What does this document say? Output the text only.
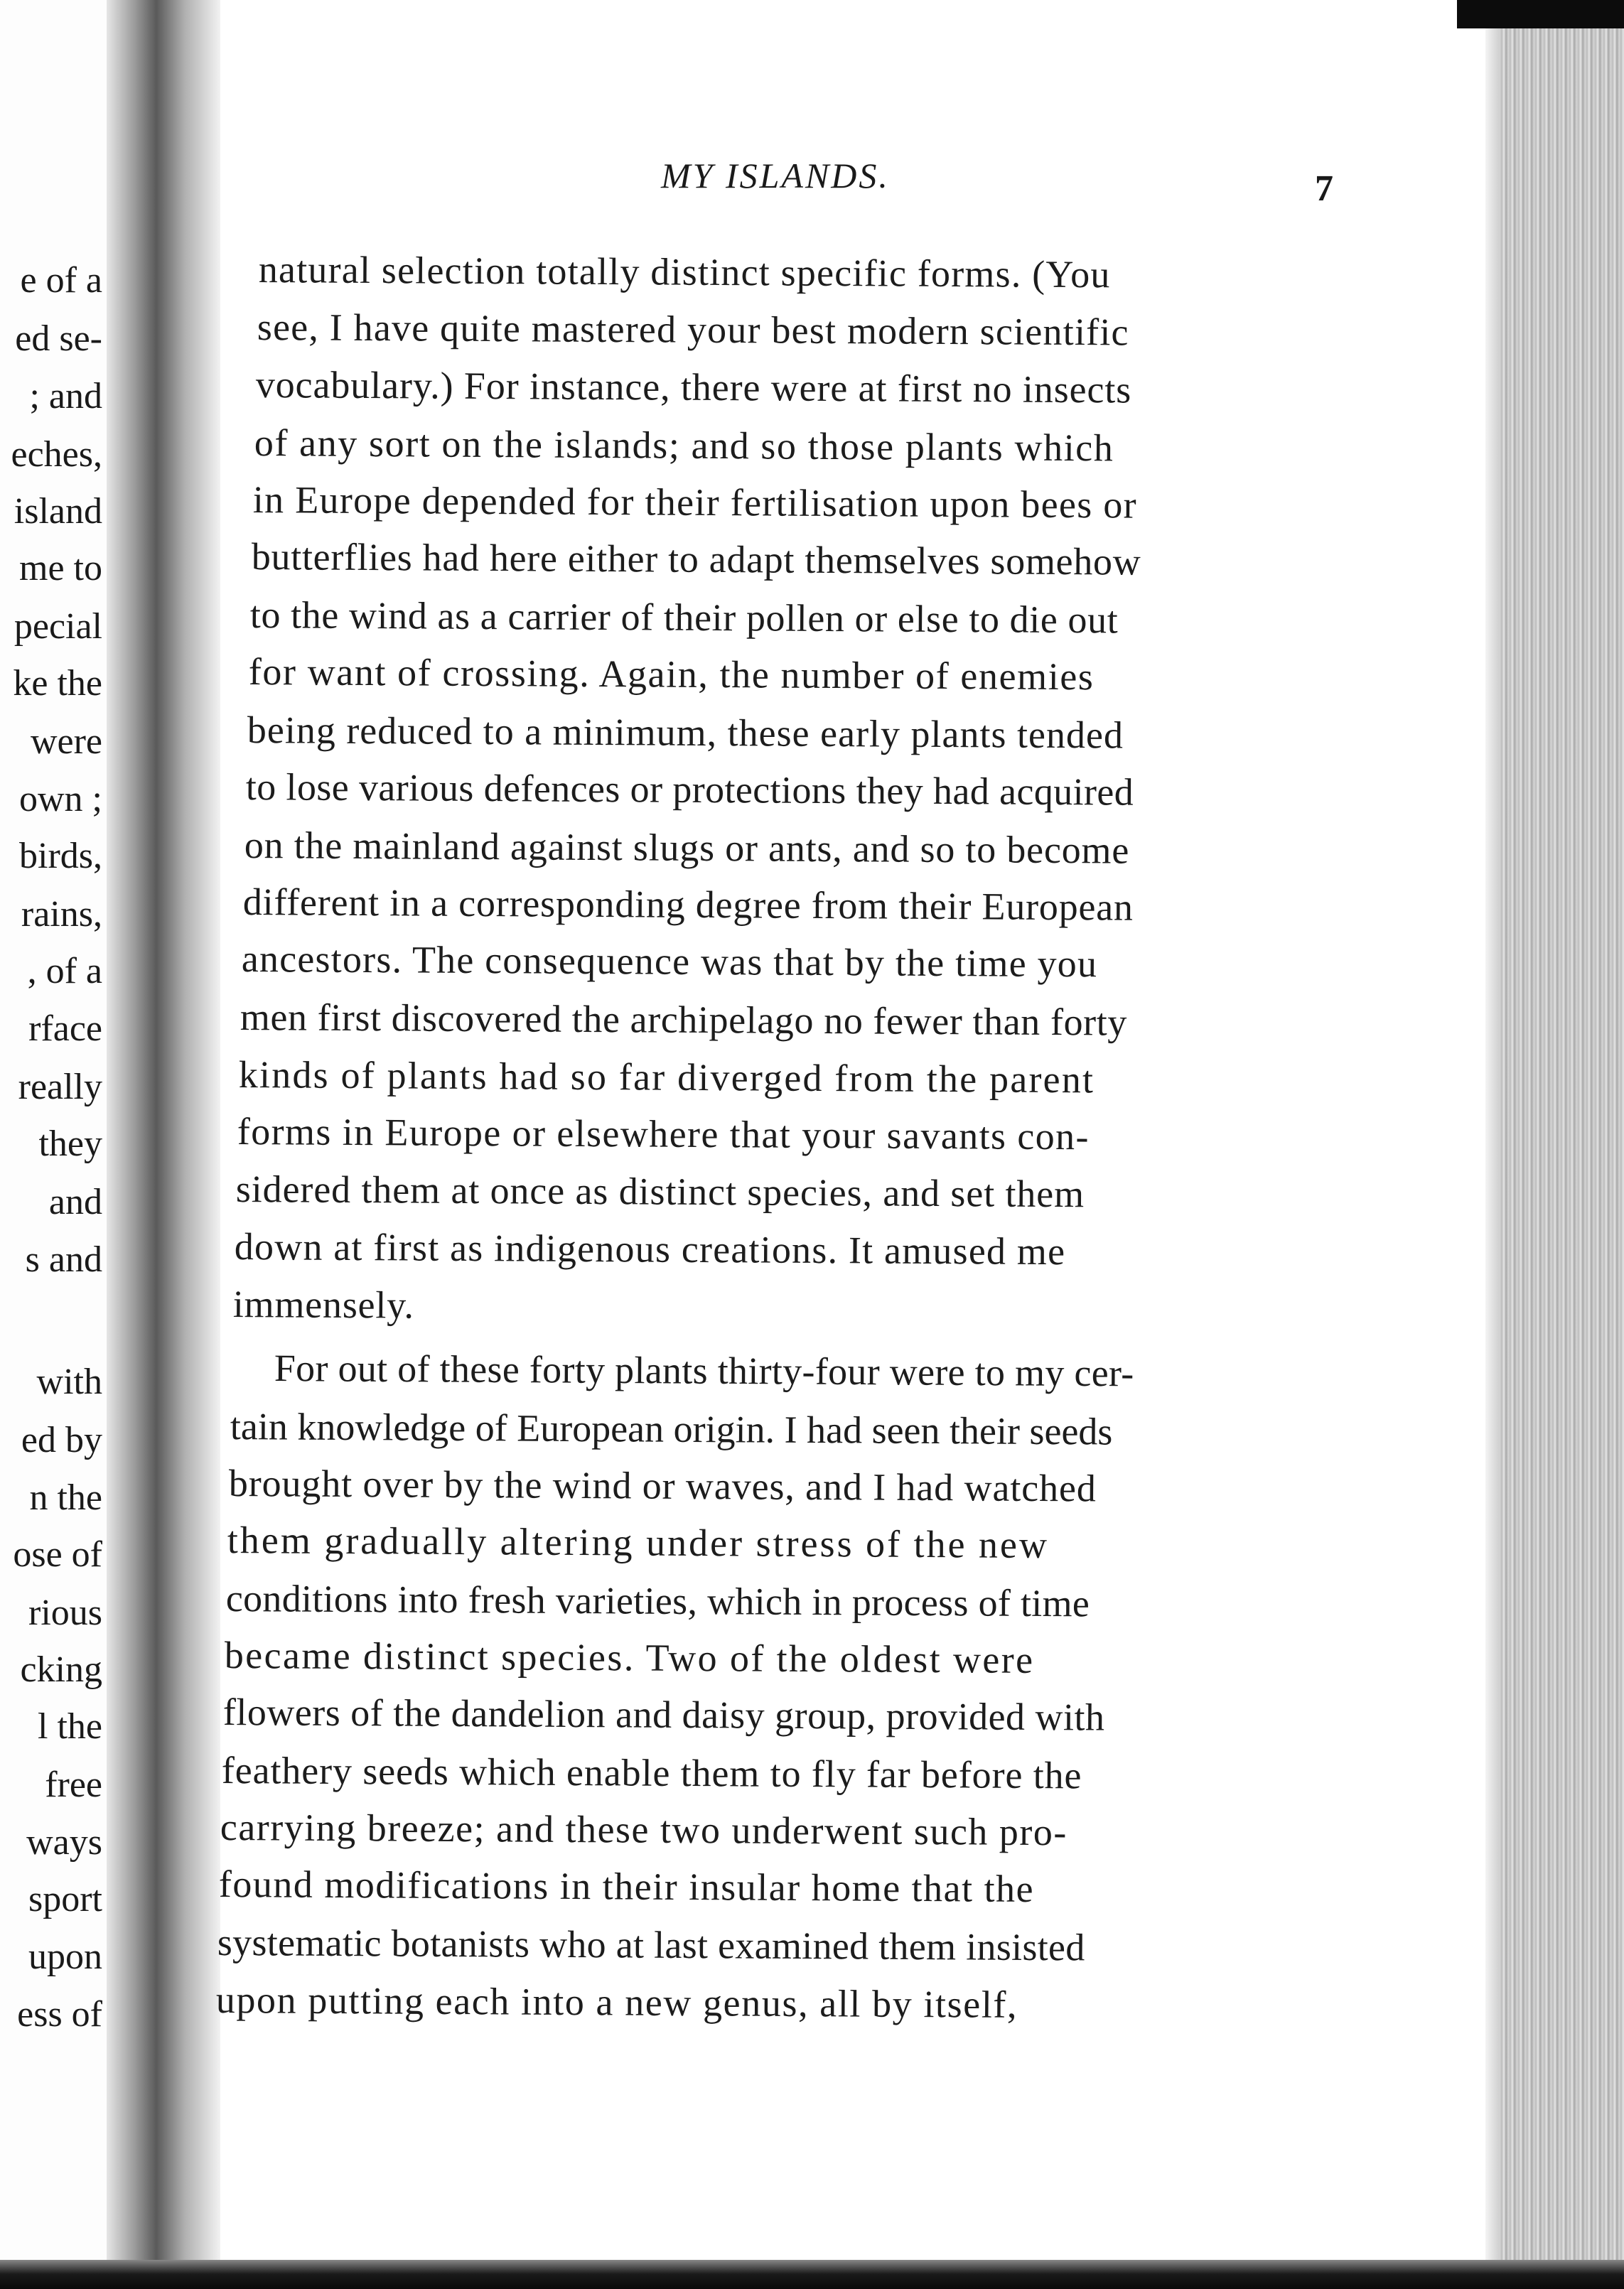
e of a
ed se-
; and
eches,
island
me to
pecial
ke the
were
own ;
birds,
rains,
, of a
rface
really
they
and
s and
with
ed by
n the
ose of
rious
cking
l the
free
ways
sport
upon
ess of
MY ISLANDS.	7
natural selection totally distinct specific forms. (You
see, I have quite mastered your best modern scientific
vocabulary.) For instance, there were at first no insects
of any sort on the islands; and so those plants which
in Europe depended for their fertilisation upon bees or
butterflies had here either to adapt themselves somehow
to the wind as a carrier of their pollen or else to die out
for want of crossing. Again, the number of enemies
being reduced to a minimum, these early plants tended
to lose various defences or protections they had acquired
on the mainland against slugs or ants, and so to become
different in a corresponding degree from their European
ancestors. The consequence was that by the time you
men first discovered the archipelago no fewer than forty
kinds of plants had so far diverged from the parent
forms in Europe or elsewhere that your savants con-
sidered them at once as distinct species, and set them
down at first as indigenous creations. It amused me
immensely.
For out of these forty plants thirty-four were to my cer-
tain knowledge of European origin. I had seen their seeds
brought over by the wind or waves, and I had watched
them gradually altering under stress of the new
conditions into fresh varieties, which in process of time
became distinct species. Two of the oldest were
flowers of the dandelion and daisy group, provided with
feathery seeds which enable them to fly far before the
carrying breeze; and these two underwent such pro-
found modifications in their insular home that the
systematic botanists who at last examined them insisted
upon putting each into a new genus, all by itself,
